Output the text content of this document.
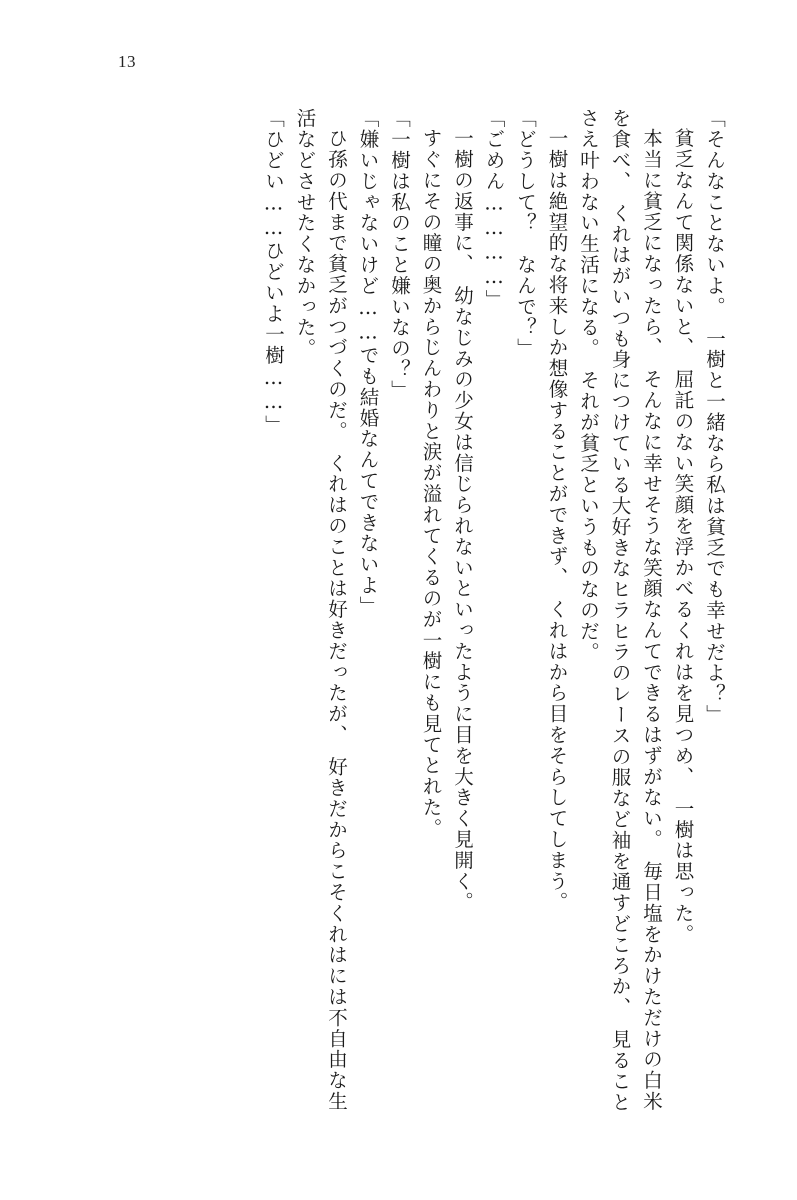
13

「そんなことないよ。　一樹と一緒なら私は貧乏でも幸せだよ？」

貧乏なんて関係ないと、　屈託のない笑顔を浮かべるくれはを見つめ、　一樹は思った。

本当に貧乏になったら、　そんなに幸せそうな笑顔なんてできるはずがない。　毎日塩をかけただけの白米を食べ、　くれはがいつも身につけている大好きなヒラヒラのレースの服など袖を通すどころか、　見ることさえ叶わない生活になる。　それが貧乏というものなのだ。

一樹は絶望的な将来しか想像することができず、　くれはから目をそらしてしまう。

「どうして？　なんで？」

「ごめん…………」

一樹の返事に、　幼なじみの少女は信じられないといったように目を大きく見開く。

すぐにその瞳の奥からじんわりと涙が溢れてくるのが一樹にも見てとれた。

「一樹は私のこと嫌いなの？」

「嫌いじゃないけど……でも結婚なんてできないよ」

ひ孫の代まで貧乏がつづくのだ。　くれはのことは好きだったが、　好きだからこそくれはには不自由な生活などさせたくなかった。

「ひどい……ひどいよ一樹……」
